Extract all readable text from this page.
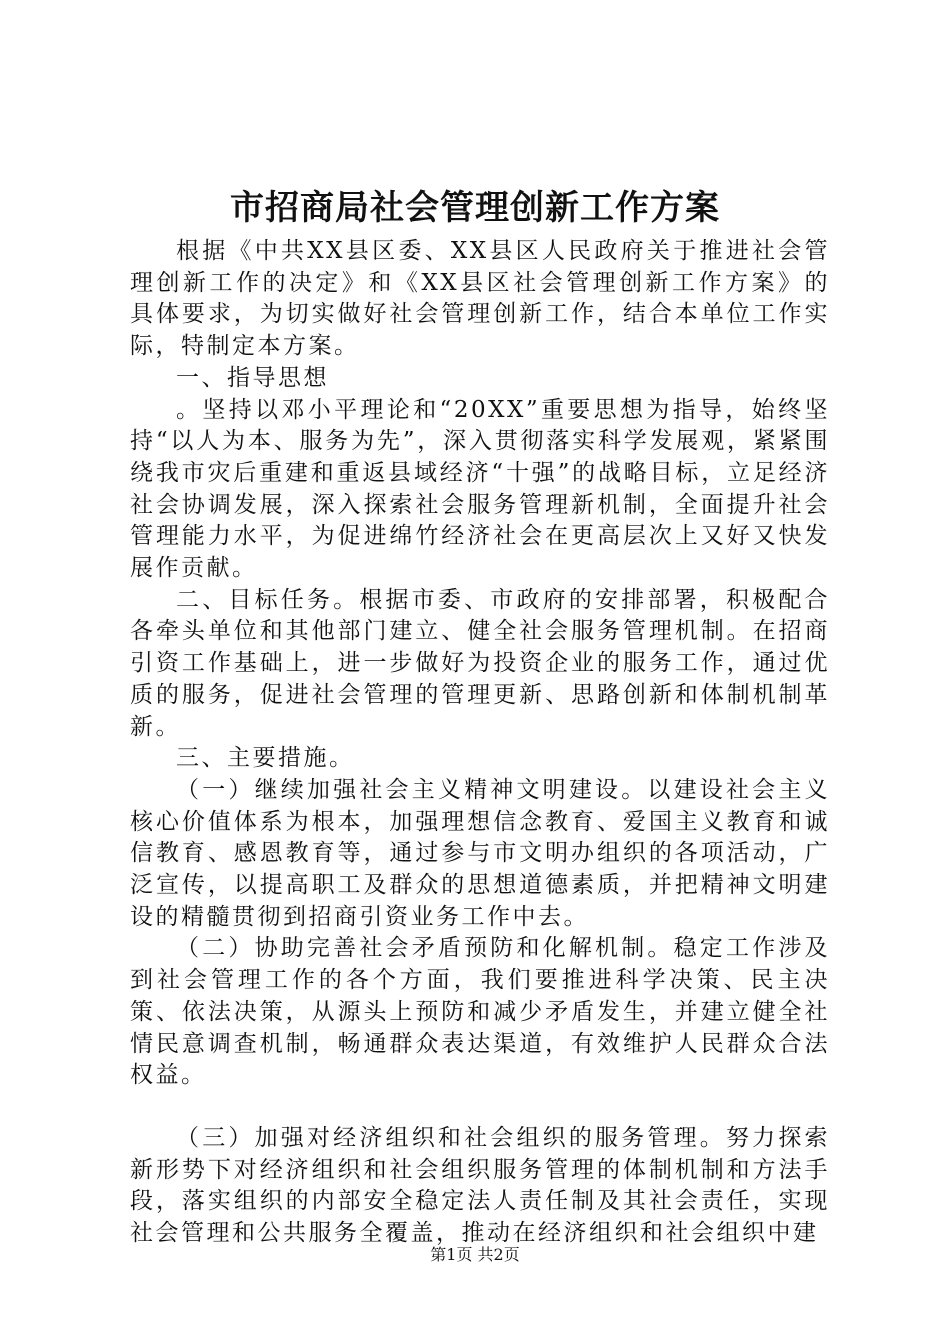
市招商局社会管理创新工作方案

根据《中共XX县区委、XX县区人民政府关于推进社会管理创新工作的决定》和《XX县区社会管理创新工作方案》的具体要求，为切实做好社会管理创新工作，结合本单位工作实际，特制定本方案。

一、指导思想

。坚持以邓小平理论和“20XX”重要思想为指导，始终坚持“以人为本、服务为先”，深入贯彻落实科学发展观，紧紧围绕我市灾后重建和重返县域经济“十强”的战略目标，立足经济社会协调发展，深入探索社会服务管理新机制，全面提升社会管理能力水平，为促进绵竹经济社会在更高层次上又好又快发展作贡献。

二、目标任务。根据市委、市政府的安排部署，积极配合各牵头单位和其他部门建立、健全社会服务管理机制。在招商引资工作基础上，进一步做好为投资企业的服务工作，通过优质的服务，促进社会管理的管理更新、思路创新和体制机制革新。

三、主要措施。

（一）继续加强社会主义精神文明建设。以建设社会主义核心价值体系为根本，加强理想信念教育、爱国主义教育和诚信教育、感恩教育等，通过参与市文明办组织的各项活动，广泛宣传，以提高职工及群众的思想道德素质，并把精神文明建设的精髓贯彻到招商引资业务工作中去。

（二）协助完善社会矛盾预防和化解机制。稳定工作涉及到社会管理工作的各个方面，我们要推进科学决策、民主决策、依法决策，从源头上预防和减少矛盾发生，并建立健全社情民意调查机制，畅通群众表达渠道，有效维护人民群众合法权益。

（三）加强对经济组织和社会组织的服务管理。努力探索新形势下对经济组织和社会组织服务管理的体制机制和方法手段，落实组织的内部安全稳定法人责任制及其社会责任，实现社会管理和公共服务全覆盖，推动在经济组织和社会组织中建

第1页 共2页
